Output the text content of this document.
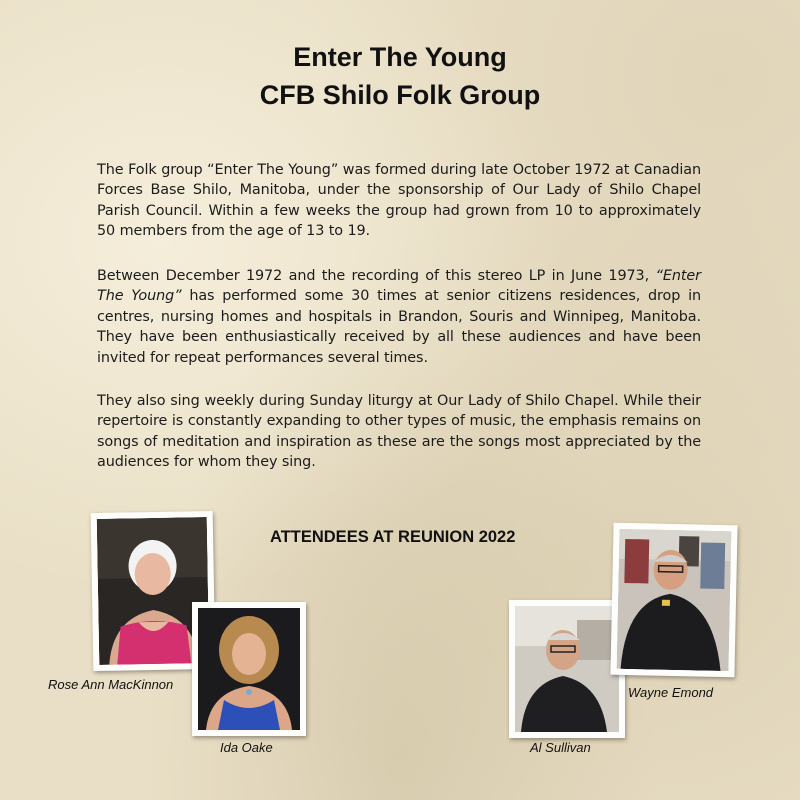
Enter The Young
CFB Shilo Folk Group

The Folk group “Enter The Young” was formed during late October 1972 at Canadian Forces Base Shilo, Manitoba, under the sponsorship of Our Lady of Shilo Chapel Parish Council. Within a few weeks the group had grown from 10 to approximately 50 members from the age of 13 to 19.

Between December 1972 and the recording of this stereo LP in June 1973, “Enter The Young” has performed some 30 times at senior citizens residences, drop in centres, nursing homes and hospitals in Brandon, Souris and Winnipeg, Manitoba. They have been enthusiastically received by all these audiences and have been invited for repeat performances several times.

They also sing weekly during Sunday liturgy at Our Lady of Shilo Chapel. While their repertoire is constantly expanding to other types of music, the emphasis remains on songs of meditation and inspiration as these are the songs most appreciated by the audiences for whom they sing.

ATTENDEES AT REUNION 2022
Rose Ann MacKinnon
Ida Oake	Al Sullivan
Wayne Emond
